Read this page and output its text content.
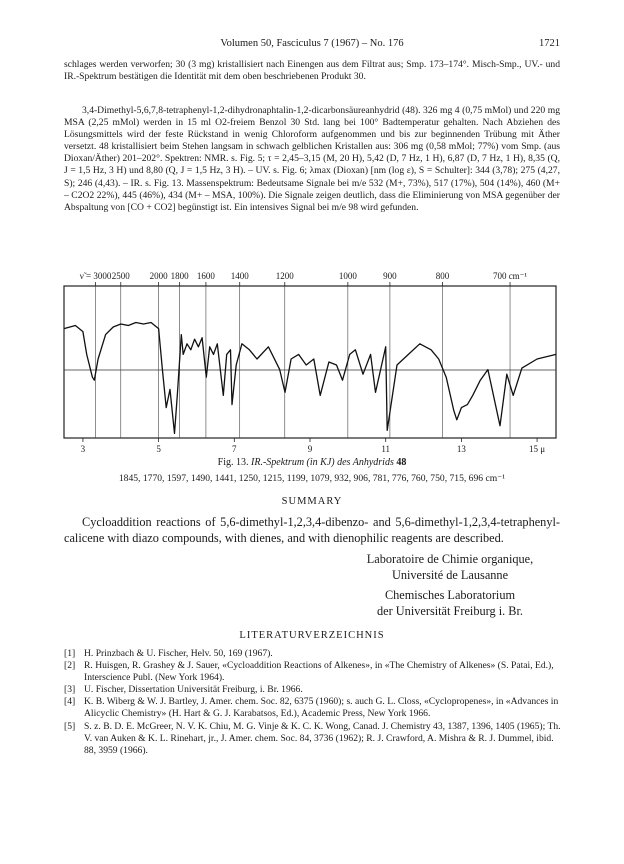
Volumen 50, Fasciculus 7 (1967) – No. 176	1721

schlages werden verworfen; 30 (3 mg) kristallisiert nach Einengen aus dem Filtrat aus; Smp. 173–174°. Misch-Smp., UV.- und IR.-Spektrum bestätigen die Identität mit dem oben beschriebenen Produkt 30.

3,4-Dimethyl-5,6,7,8-tetraphenyl-1,2-dihydronaphtalin-1,2-dicarbonsäureanhydrid (48). 326 mg 4 (0,75 mMol) und 220 mg MSA (2,25 mMol) werden in 15 ml O2-freiem Benzol 30 Std. lang bei 100° Badtemperatur gehalten. Nach Abziehen des Lösungsmittels wird der feste Rückstand in wenig Chloroform aufgenommen und bis zur beginnenden Trübung mit Äther versetzt. 48 kristallisiert beim Stehen langsam in schwach gelblichen Kristallen aus: 306 mg (0,58 mMol; 77%) vom Smp. (aus Dioxan/Äther) 201–202°. Spektren: NMR. s. Fig. 5; τ = 2,45–3,15 (M, 20 H), 5,42 (D, 7 Hz, 1 H), 6,87 (D, 7 Hz, 1 H), 8,35 (Q, J = 1,5 Hz, 3 H) und 8,80 (Q, J = 1,5 Hz, 3 H). – UV. s. Fig. 6; λmax (Dioxan) [nm (log ε), S = Schulter]: 344 (3,78); 275 (4,27, S); 246 (4,43). – IR. s. Fig. 13. Massenspektrum: Bedeutsame Signale bei m/e 532 (M+, 73%), 517 (17%), 504 (14%), 460 (M+ – C2O2 22%), 445 (46%), 434 (M+ – MSA, 100%). Die Signale zeigen deutlich, dass die Eliminierung von MSA gegenüber der Abspaltung von [CO + CO2] begünstigt ist. Ein intensives Signal bei m/e 98 wird gefunden.

ν̃ = 3000 2500 2000 1800 1600 1400	1200	1000	900	800	700 cm⁻¹
3	5	7	9	11	13	15 μ
Fig. 13. IR.-Spektrum (in KJ) des Anhydrids 48
1845, 1770, 1597, 1490, 1441, 1250, 1215, 1199, 1079, 932, 906, 781, 776, 760, 750, 715, 696 cm⁻¹
SUMMARY

Cycloaddition reactions of 5,6-dimethyl-1,2,3,4-dibenzo- and 5,6-dimethyl-1,2,3,4-tetraphenyl-calicene with diazo compounds, with dienes, and with dienophilic reagents are described.

Laboratoire de Chimie organique,
Université de Lausanne
Chemisches Laboratorium
der Universität Freiburg i. Br.
LITERATURVERZEICHNIS
[1] H. Prinzbach & U. Fischer, Helv. 50, 169 (1967).
[2] R. Huisgen, R. Grashey & J. Sauer, «Cycloaddition Reactions of Alkenes», in «The Chemistry of Alkenes» (S. Patai, Ed.), Interscience Publ. (New York 1964).
[3] U. Fischer, Dissertation Universität Freiburg, i. Br. 1966.
[4] K. B. Wiberg & W. J. Bartley, J. Amer. chem. Soc. 82, 6375 (1960); s. auch G. L. Closs, «Cyclopropenes», in «Advances in Alicyclic Chemistry» (H. Hart & G. J. Karabatsos, Ed.), Academic Press, New York 1966.
[5] S. z. B. D. E. McGreer, N. V. K. Chiu, M. G. Vinje & K. C. K. Wong, Canad. J. Chemistry 43, 1387, 1396, 1405 (1965); Th. V. van Auken & K. L. Rinehart, jr., J. Amer. chem. Soc. 84, 3736 (1962); R. J. Crawford, A. Mishra & R. J. Dummel, ibid. 88, 3959 (1966).
